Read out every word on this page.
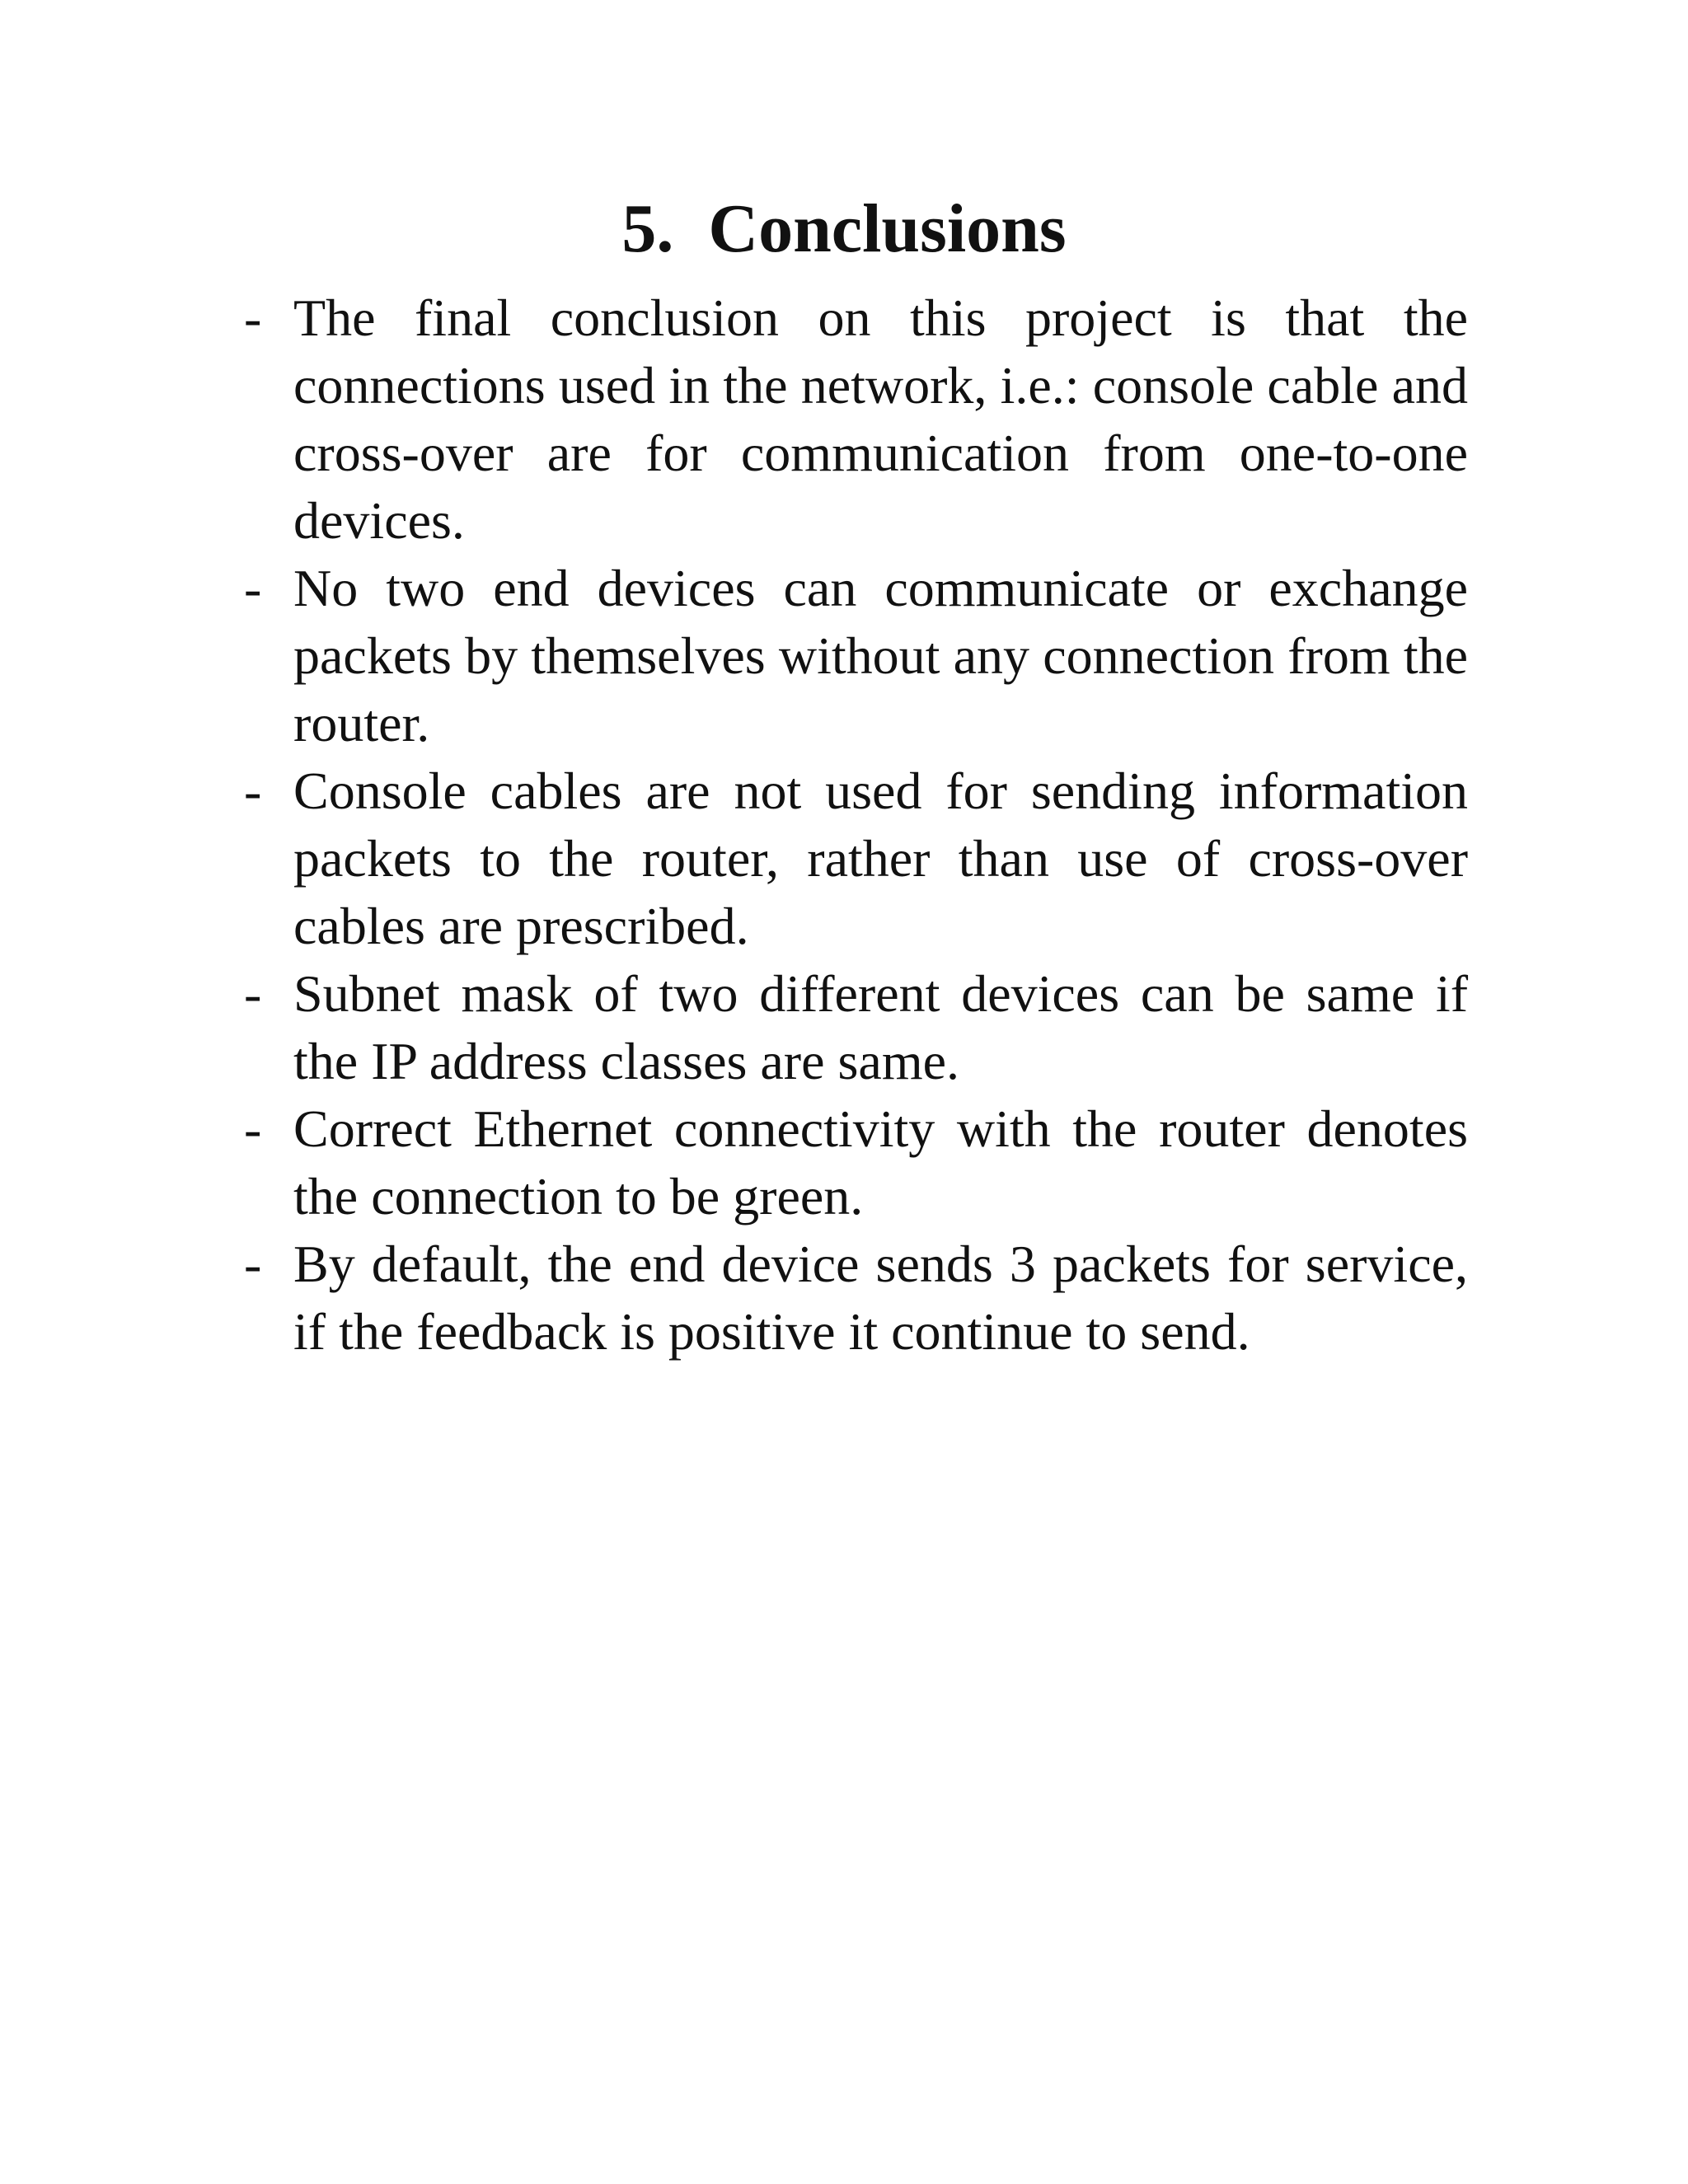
5. Conclusions
- The final conclusion on this project is that the connections used in the network, i.e.: console cable and cross-over are for communication from one-to-one devices.
- No two end devices can communicate or exchange packets by themselves without any connection from the router.
- Console cables are not used for sending information packets to the router, rather than use of cross-over cables are prescribed.
- Subnet mask of two different devices can be same if the IP address classes are same.
- Correct Ethernet connectivity with the router denotes the connection to be green.
- By default, the end device sends 3 packets for service, if the feedback is positive it continue to send.
